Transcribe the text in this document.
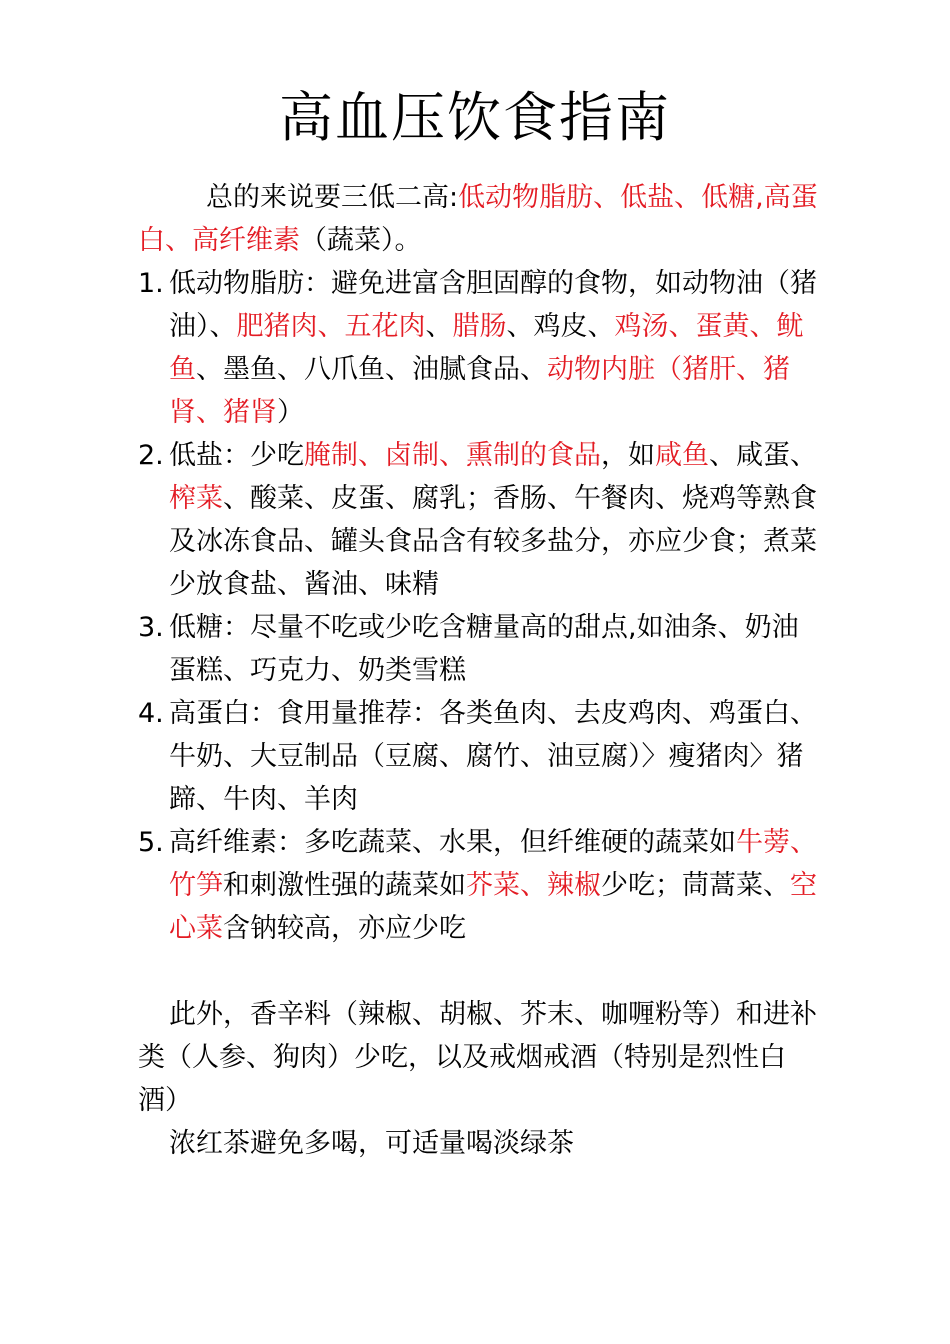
高血压饮食指南

总的来说要三低二高:低动物脂肪、低盐、低糖,高蛋白、高纤维素（蔬菜）。

1. 低动物脂肪：避免进富含胆固醇的食物，如动物油（猪油）、肥猪肉、五花肉、腊肠、鸡皮、鸡汤、蛋黄、鱿鱼、墨鱼、八爪鱼、油腻食品、动物内脏（猪肝、猪肾、猪肾）

2. 低盐：少吃腌制、卤制、熏制的食品，如咸鱼、咸蛋、榨菜、酸菜、皮蛋、腐乳；香肠、午餐肉、烧鸡等熟食及冰冻食品、罐头食品含有较多盐分，亦应少食；煮菜少放食盐、酱油、味精

3. 低糖：尽量不吃或少吃含糖量高的甜点,如油条、奶油蛋糕、巧克力、奶类雪糕

4. 高蛋白：食用量推荐：各类鱼肉、去皮鸡肉、鸡蛋白、牛奶、大豆制品（豆腐、腐竹、油豆腐）〉瘦猪肉〉猪蹄、牛肉、羊肉

5. 高纤维素：多吃蔬菜、水果，但纤维硬的蔬菜如牛蒡、竹笋和刺激性强的蔬菜如芥菜、辣椒少吃；茼蒿菜、空心菜含钠较高，亦应少吃

此外，香辛料（辣椒、胡椒、芥末、咖喱粉等）和进补类（人参、狗肉）少吃，以及戒烟戒酒（特别是烈性白酒）

浓红茶避免多喝，可适量喝淡绿茶
